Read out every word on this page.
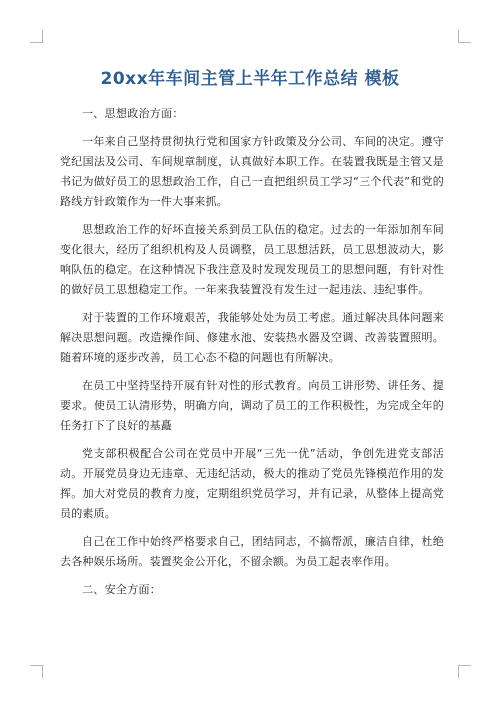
20xx年车间主管上半年工作总结 模板

一、思想政治方面：

一年来自己坚持贯彻执行党和国家方针政策及分公司、车间的决定。遵守党纪国法及公司、车间规章制度，认真做好本职工作。在装置我既是主管又是书记为做好员工的思想政治工作，自己一直把组织员工学习“三个代表”和党的路线方针政策作为一件大事来抓。

思想政治工作的好坏直接关系到员工队伍的稳定。过去的一年添加剂车间变化很大，经历了组织机构及人员调整，员工思想活跃，员工思想波动大，影响队伍的稳定。在这种情况下我注意及时发现发现员工的思想问题，有针对性的做好员工思想稳定工作。一年来我装置没有发生过一起违法、违纪事件。

对于装置的工作环境艰苦，我能够处处为员工考虑。通过解决具体问题来解决思想问题。改造操作间、修建水池、安装热水器及空调、改善装置照明。随着环境的逐步改善，员工心态不稳的问题也有所解决。

在员工中坚持坚持开展有针对性的形式教育。向员工讲形势、讲任务、提要求。使员工认清形势，明确方向，调动了员工的工作积极性，为完成全年的任务打下了良好的基矗

党支部积极配合公司在党员中开展“三先一优”活动，争创先进党支部活动。开展党员身边无违章、无违纪活动，极大的推动了党员先锋模范作用的发挥。加大对党员的教育力度，定期组织党员学习，并有记录，从整体上提高党员的素质。

自己在工作中始终严格要求自己，团结同志，不搞帮派，廉洁自律，杜绝去各种娱乐场所。装置奖金公开化，不留余额。为员工起表率作用。

二、安全方面：
